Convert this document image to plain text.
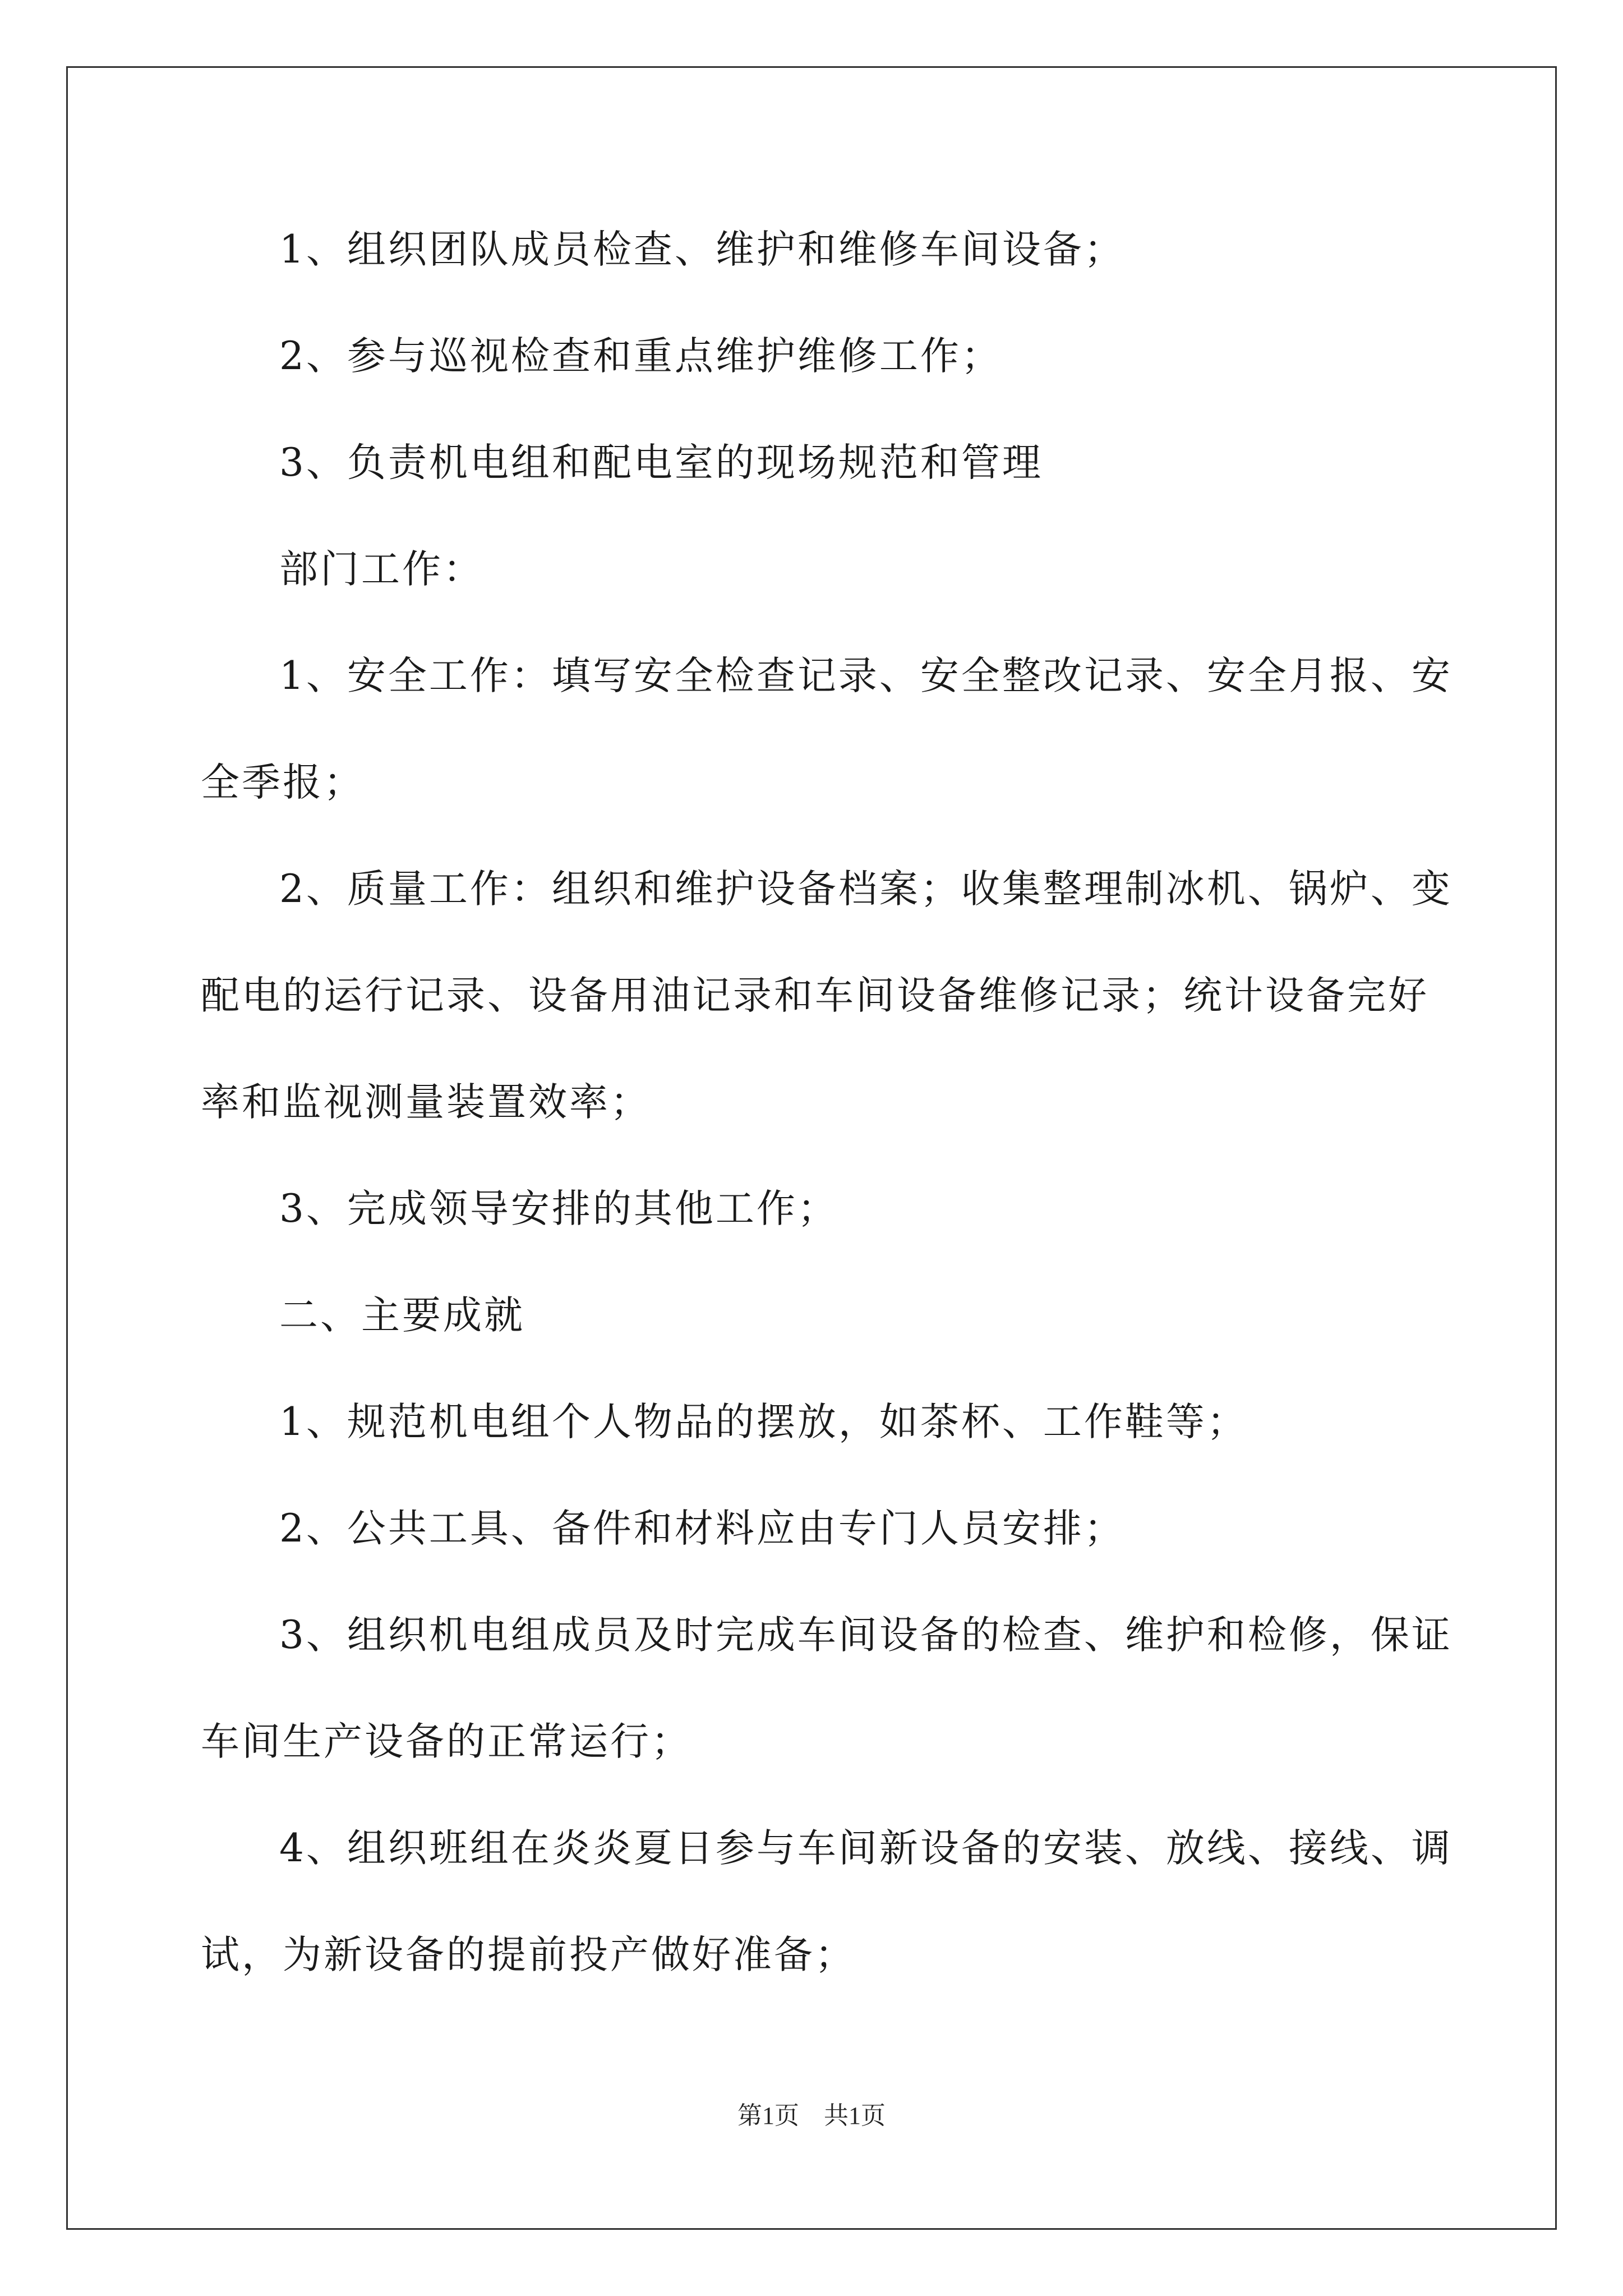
1、组织团队成员检查、维护和维修车间设备；
2、参与巡视检查和重点维护维修工作；
3、负责机电组和配电室的现场规范和管理
部门工作：
1、安全工作：填写安全检查记录、安全整改记录、安全月报、安
全季报；
2、质量工作：组织和维护设备档案；收集整理制冰机、锅炉、变
配电的运行记录、设备用油记录和车间设备维修记录；统计设备完好
率和监视测量装置效率；
3、完成领导安排的其他工作；
二、主要成就
1、规范机电组个人物品的摆放，如茶杯、工作鞋等；
2、公共工具、备件和材料应由专门人员安排；
3、组织机电组成员及时完成车间设备的检查、维护和检修，保证
车间生产设备的正常运行；
4、组织班组在炎炎夏日参与车间新设备的安装、放线、接线、调
试，为新设备的提前投产做好准备；
第1页　共1页
